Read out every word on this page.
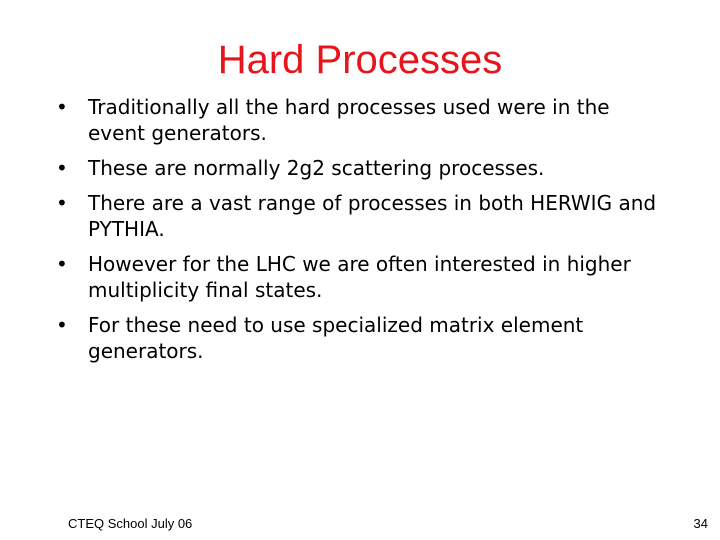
Hard Processes
•	Traditionally all the hard processes used were in the event generators.
•	These are normally 2g2 scattering processes.
•	There are a vast range of processes in both HERWIG and PYTHIA.
•	However for the LHC we are often interested in higher multiplicity final states.
•	For these need to use specialized matrix element generators.
CTEQ School July 06	34
